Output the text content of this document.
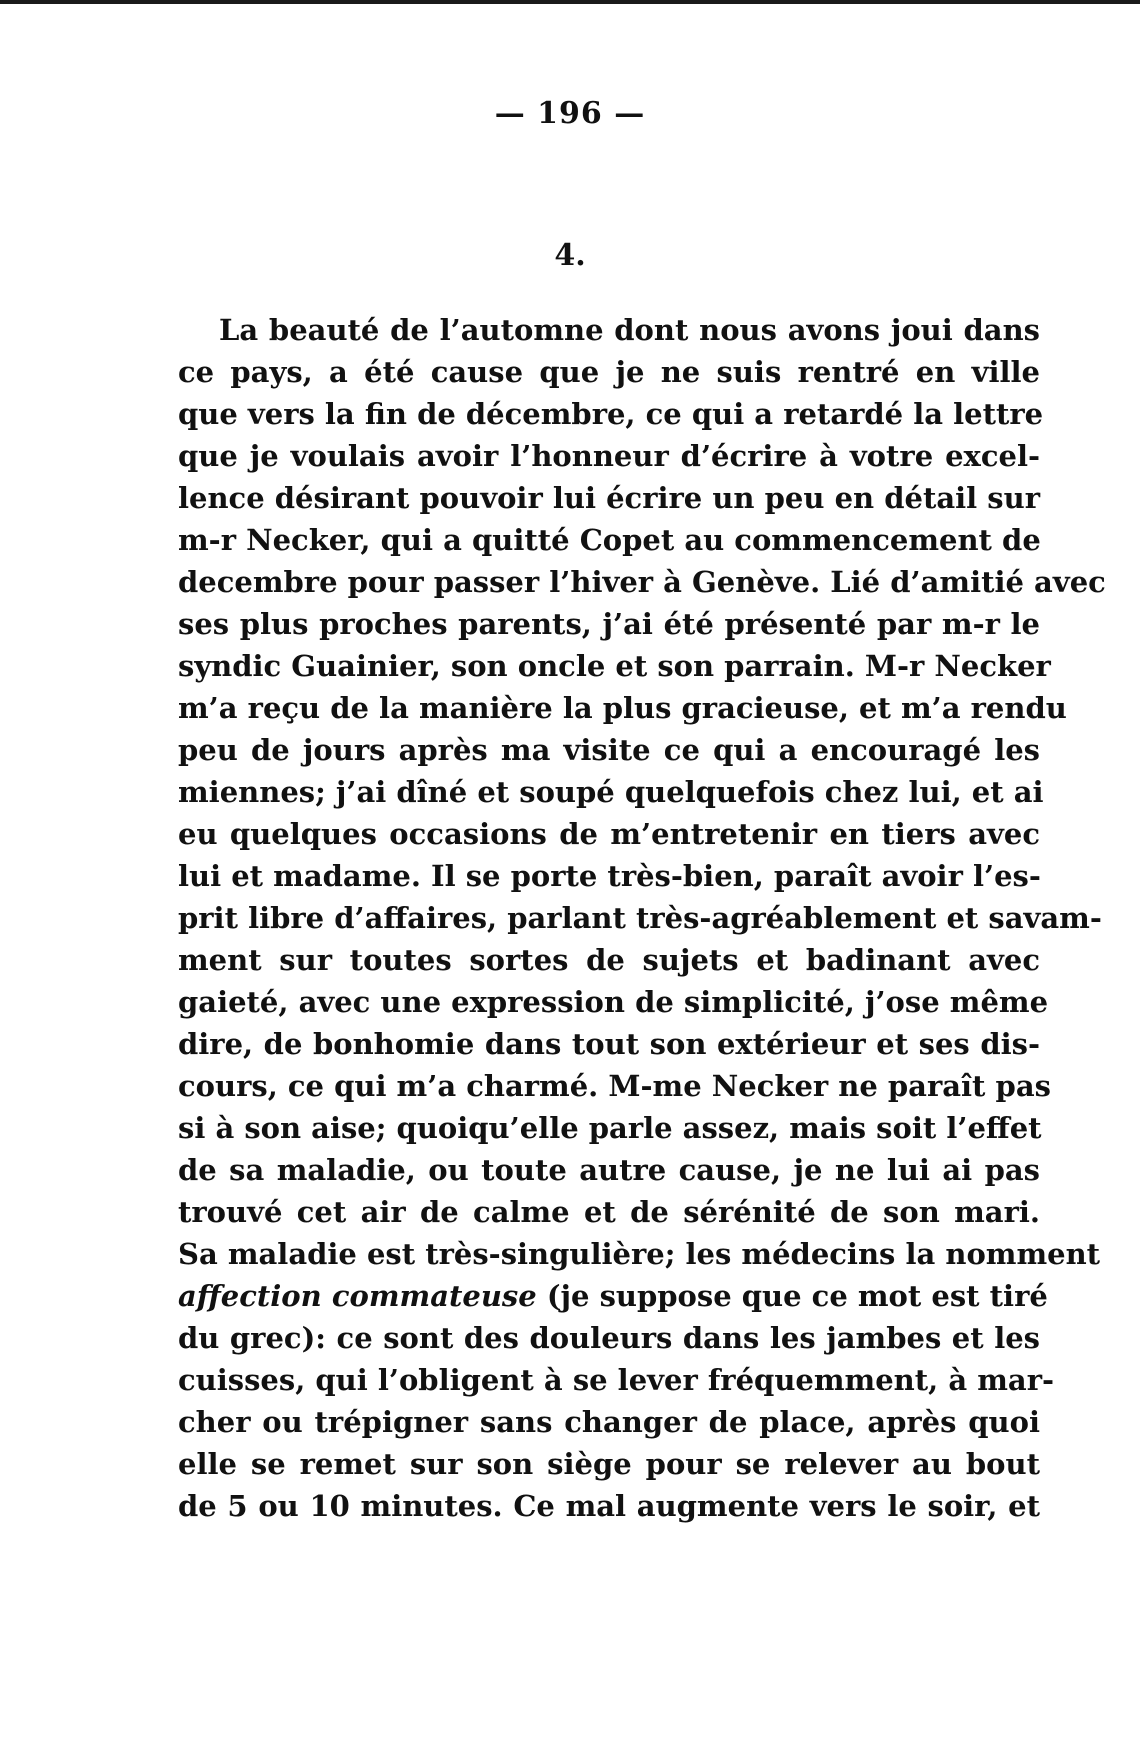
— 196 —
4.
La beauté de l’automne dont nous avons joui dans
ce pays, a été cause que je ne suis rentré en ville
que vers la fin de décembre, ce qui a retardé la lettre
que je voulais avoir l’honneur d’écrire à votre excel-
lence désirant pouvoir lui écrire un peu en détail sur
m-r Necker, qui a quitté Copet au commencement de
decembre pour passer l’hiver à Genève. Lié d’amitié avec
ses plus proches parents, j’ai été présenté par m-r le
syndic Guainier, son oncle et son parrain. M-r Necker
m’a reçu de la manière la plus gracieuse, et m’a rendu
peu de jours après ma visite ce qui a encouragé les
miennes; j’ai dîné et soupé quelquefois chez lui, et ai
eu quelques occasions de m’entretenir en tiers avec
lui et madame. Il se porte très-bien, paraît avoir l’es-
prit libre d’affaires, parlant très-agréablement et savam-
ment sur toutes sortes de sujets et badinant avec
gaieté, avec une expression de simplicité, j’ose même
dire, de bonhomie dans tout son extérieur et ses dis-
cours, ce qui m’a charmé. M-me Necker ne paraît pas
si à son aise; quoiqu’elle parle assez, mais soit l’effet
de sa maladie, ou toute autre cause, je ne lui ai pas
trouvé cet air de calme et de sérénité de son mari.
Sa maladie est très-singulière; les médecins la nomment
affection commateuse (je suppose que ce mot est tiré
du grec): ce sont des douleurs dans les jambes et les
cuisses, qui l’obligent à se lever fréquemment, à mar-
cher ou trépigner sans changer de place, après quoi
elle se remet sur son siège pour se relever au bout
de 5 ou 10 minutes. Ce mal augmente vers le soir, et
